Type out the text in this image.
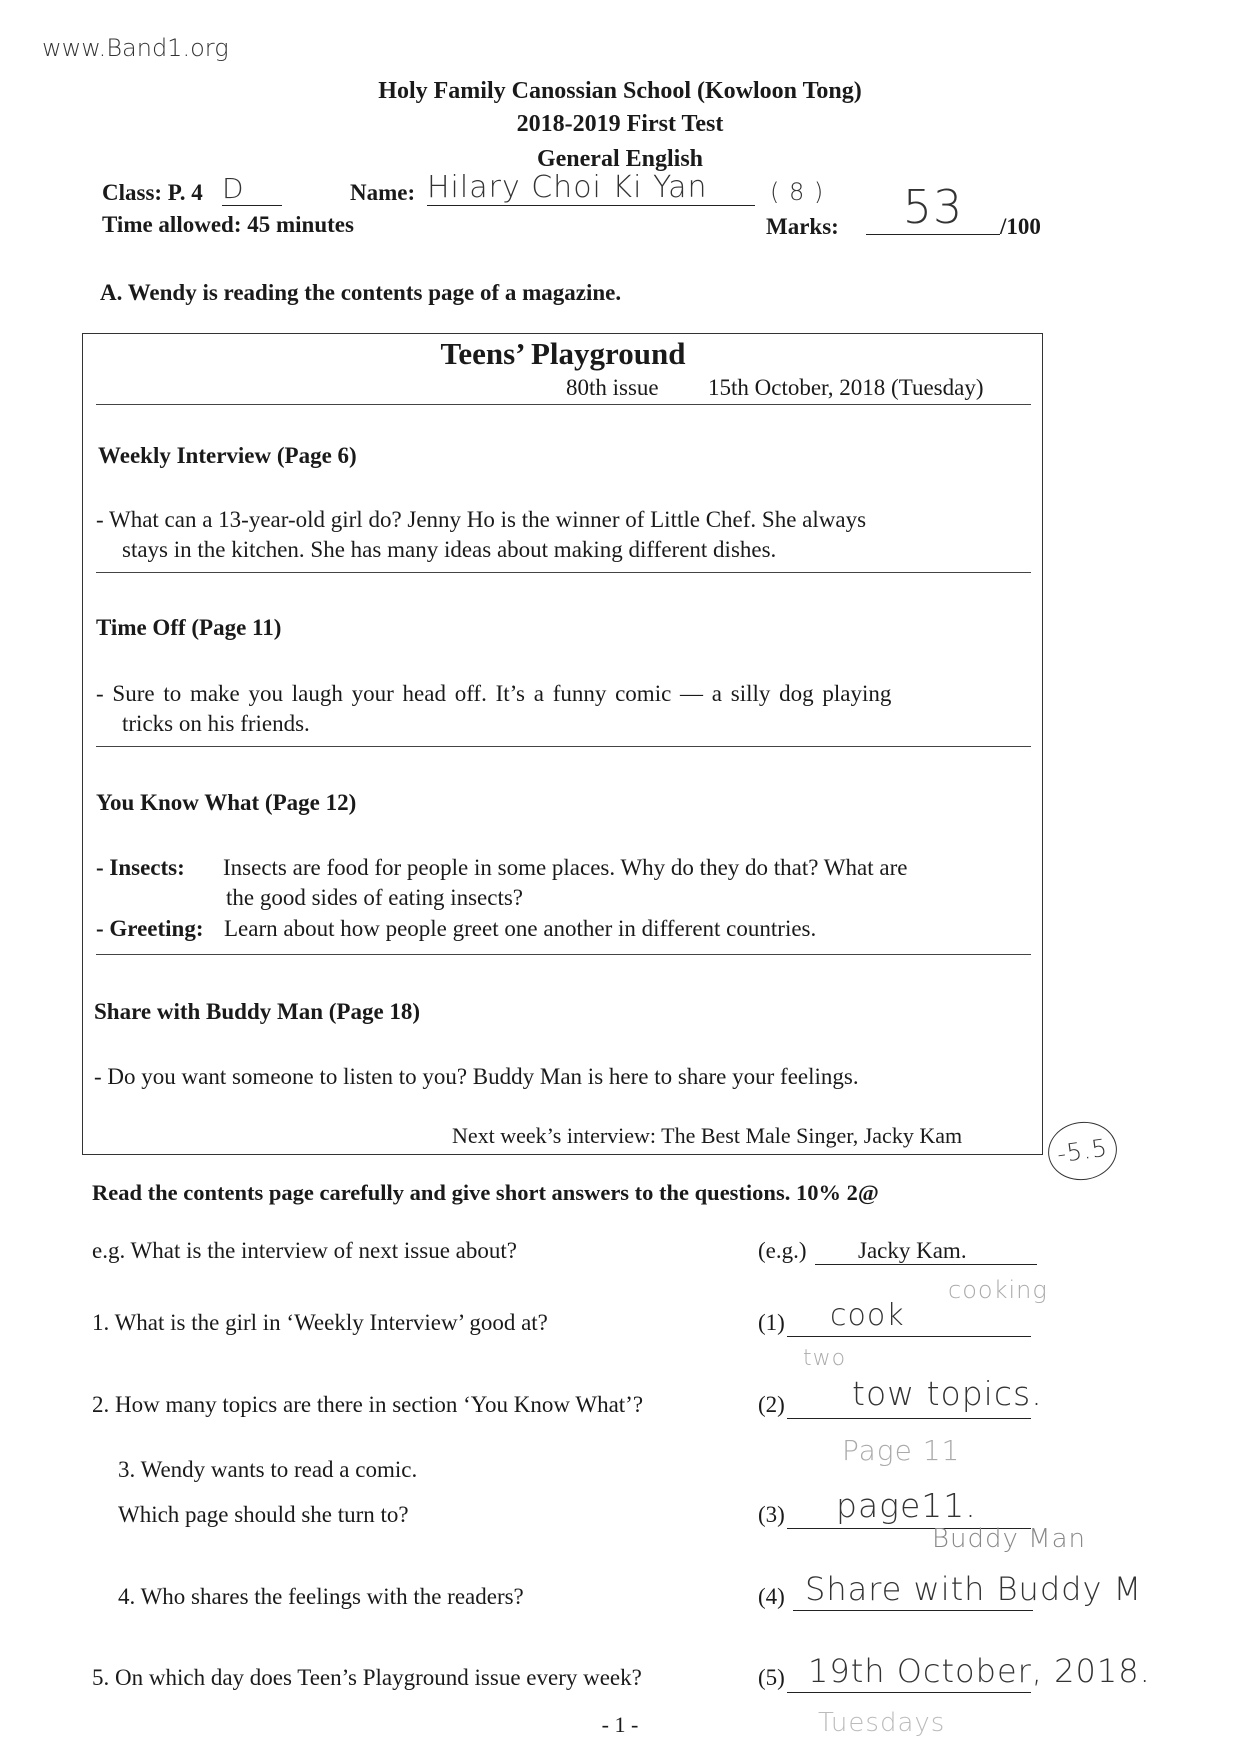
www.Band1.org
Holy Family Canossian School (Kowloon Tong)
2018-2019 First Test
General English
Class: P. 4 D	Name: Hilary Choi Ki Yan	( 8 )
Time allowed: 45 minutes	Marks:	53	/100
A. Wendy is reading the contents page of a magazine.
Teens’ Playground
80th issue 15th October, 2018 (Tuesday)
Weekly Interview (Page 6)
- What can a 13-year-old girl do? Jenny Ho is the winner of Little Chef. She always
stays in the kitchen. She has many ideas about making different dishes.
Time Off (Page 11)
- Sure to make you laugh your head off. It’s a funny comic — a silly dog playing
tricks on his friends.
You Know What (Page 12)
- Insects: Insects are food for people in some places. Why do they do that? What are
the good sides of eating insects?
- Greeting: Learn about how people greet one another in different countries.
Share with Buddy Man (Page 18)
- Do you want someone to listen to you? Buddy Man is here to share your feelings.
Next week’s interview: The Best Male Singer, Jacky Kam	-5.5
Read the contents page carefully and give short answers to the questions. 10% 2@
e.g. What is the interview of next issue about?	(e.g.) Jacky Kam.
1. What is the girl in ‘Weekly Interview’ good at?	(1) cook
cooking
two
2. How many topics are there in section ‘You Know What’?	(2) tow topics.
3. Wendy wants to read a comic.
Which page should she turn to?
Page 11
(3) page11.
Buddy Man
4. Who shares the feelings with the readers?	(4) Share with Buddy M
5. On which day does Teen’s Playground issue every week?	(5) 19th October, 2018.
Tuesdays
- 1 -
